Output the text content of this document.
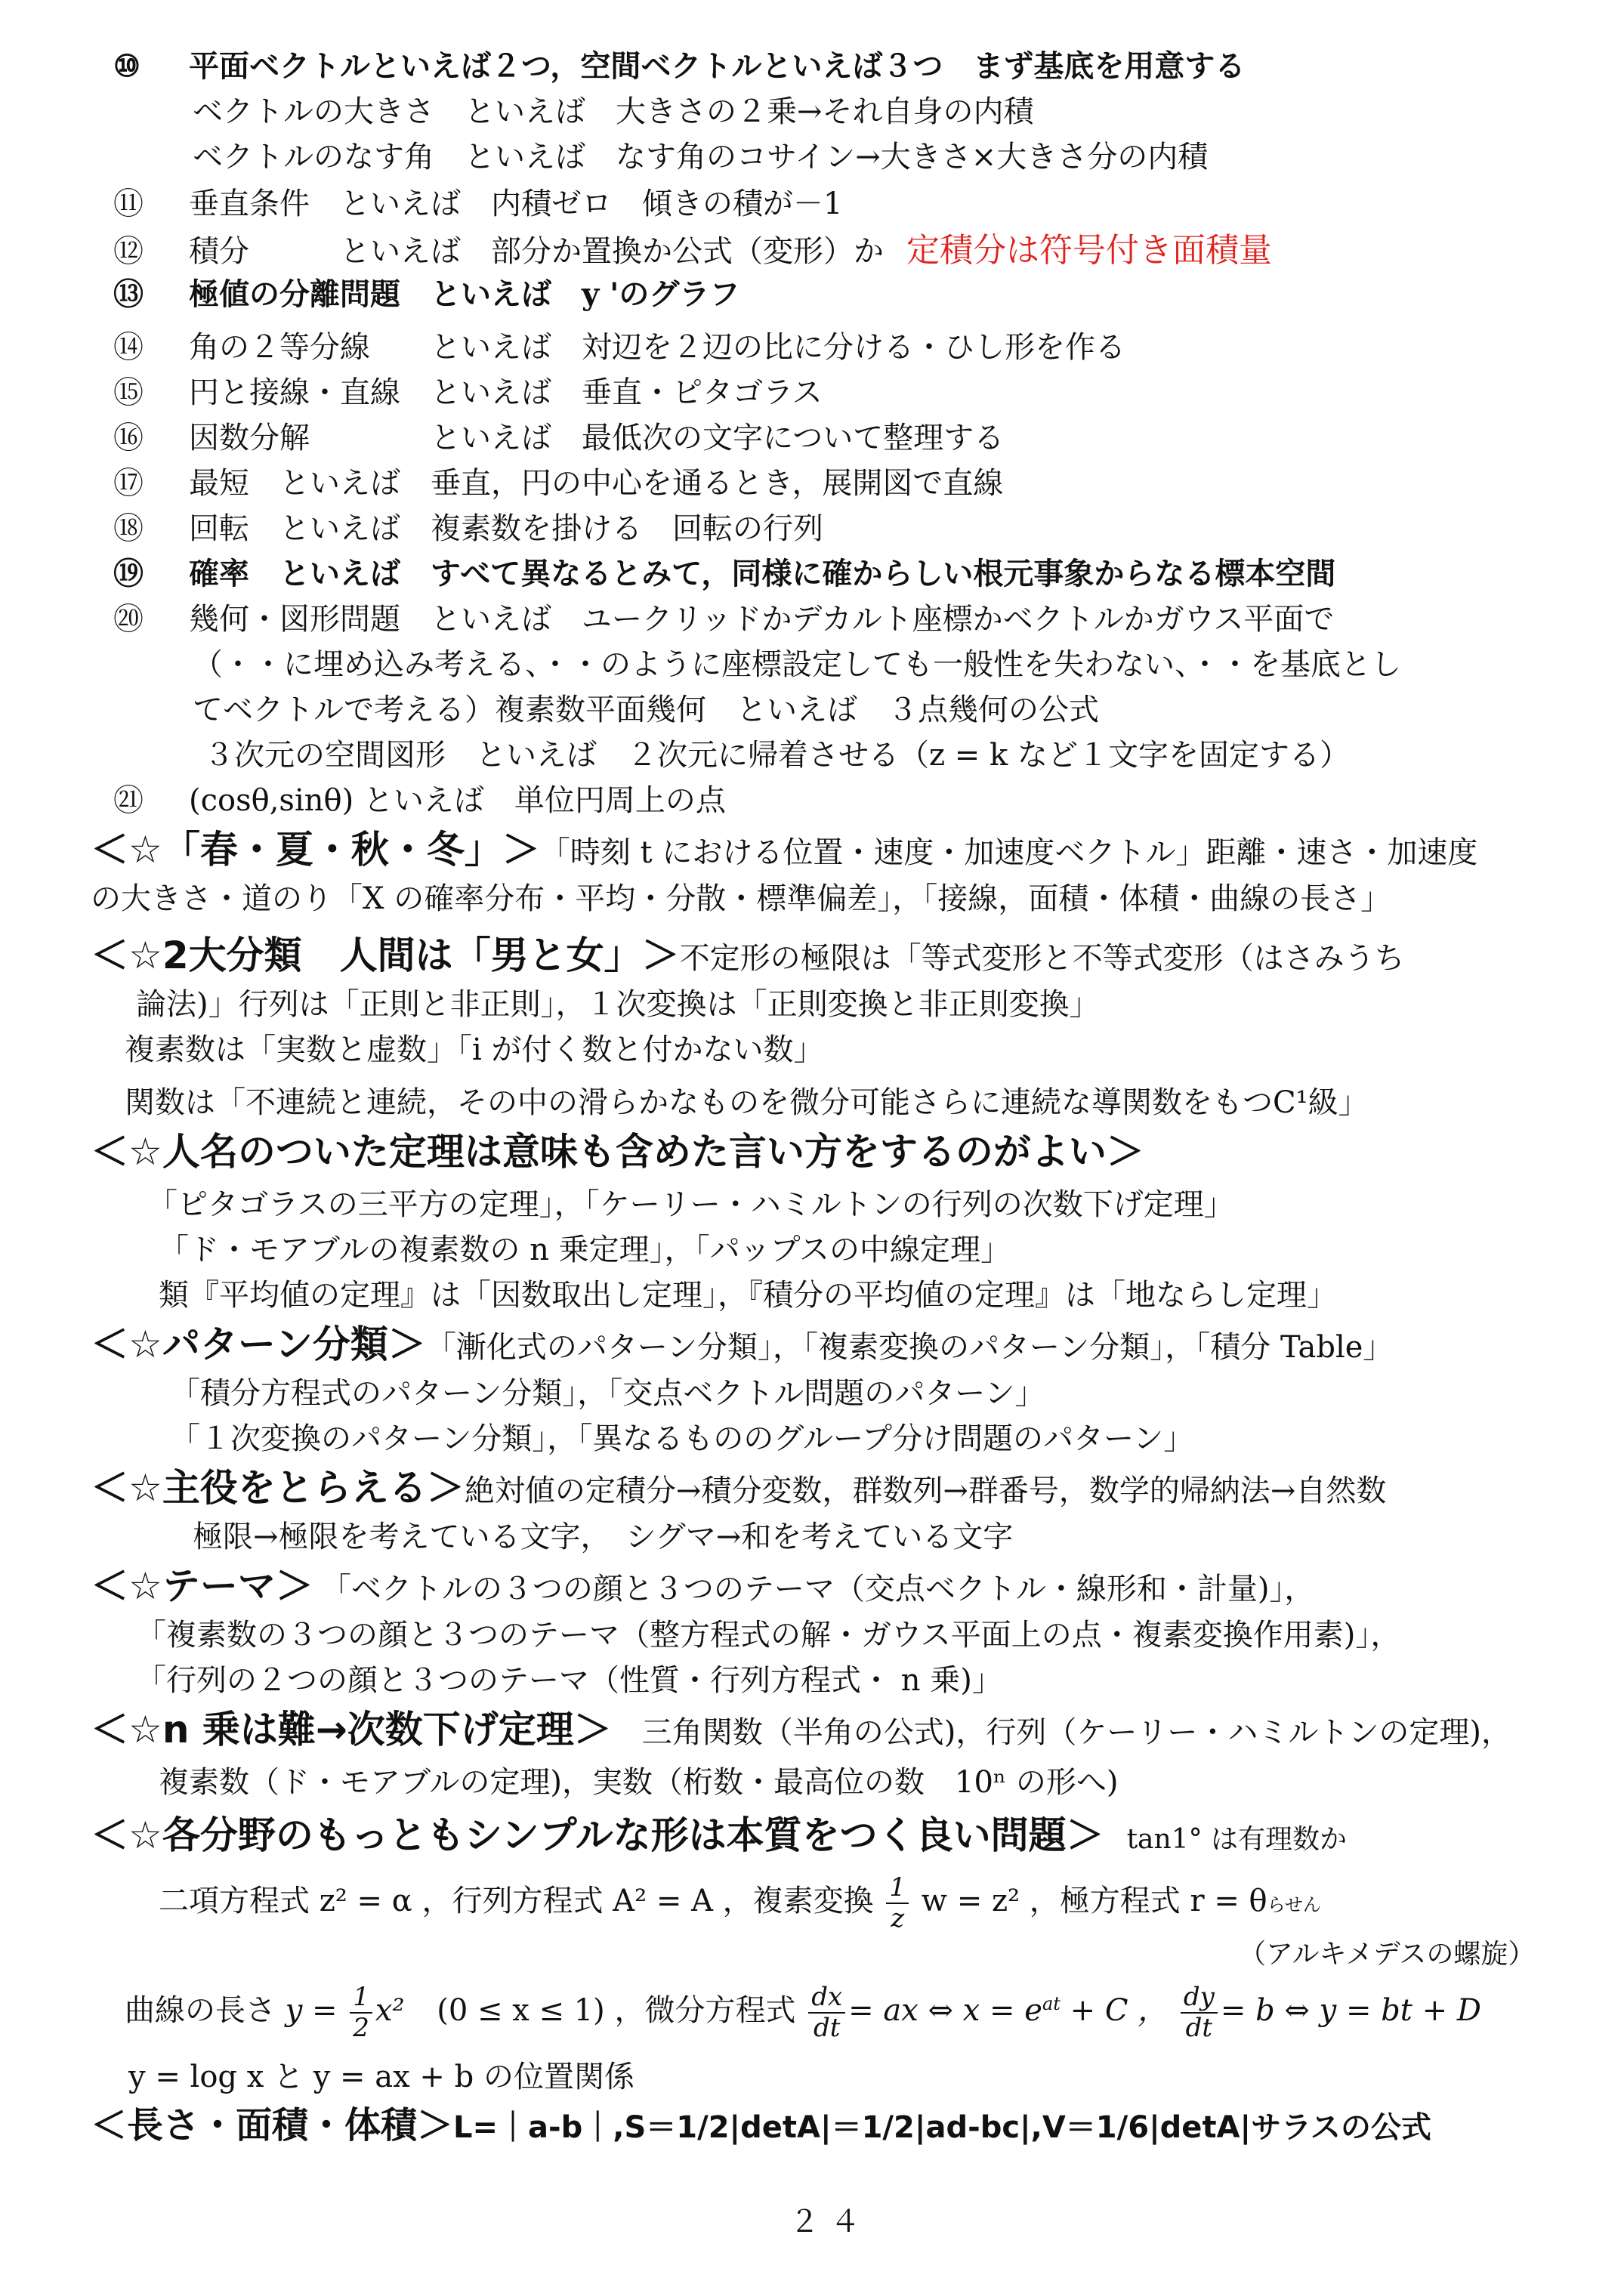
⑩ 平面ベクトルといえば２つ，空間ベクトルといえば３つ　まず基底を用意する
ベクトルの大きさ　といえば　大きさの２乗→それ自身の内積
ベクトルのなす角　といえば　なす角のコサイン→大きさ×大きさ分の内積
⑪ 垂直条件　といえば　内積ゼロ　傾きの積が－1
⑫ 積分　　　といえば　部分か置換か公式（変形）か 定積分は符号付き面積量
⑬ 極値の分離問題　といえば　y 'のグラフ
⑭ 角の２等分線　　といえば　対辺を２辺の比に分ける・ひし形を作る
⑮ 円と接線・直線　といえば　垂直・ピタゴラス
⑯ 因数分解　　　　といえば　最低次の文字について整理する
⑰ 最短　といえば　垂直，円の中心を通るとき，展開図で直線
⑱ 回転　といえば　複素数を掛ける　回転の行列
⑲ 確率　といえば　すべて異なるとみて，同様に確からしい根元事象からなる標本空間
⑳ 幾何・図形問題　といえば　ユークリッドかデカルト座標かベクトルかガウス平面で
（・・に埋め込み考える、・・のように座標設定しても一般性を失わない、・・を基底とし
てベクトルで考える）複素数平面幾何　といえば　３点幾何の公式
３次元の空間図形　といえば　２次元に帰着させる（z = k など１文字を固定する）
㉑ (cosθ,sinθ) といえば　単位円周上の点
＜☆「春・夏・秋・冬」＞「時刻 t における位置・速度・加速度ベクトル」距離・速さ・加速度
の大きさ・道のり「X の確率分布・平均・分散・標準偏差」，「接線，面積・体積・曲線の長さ」
＜☆2大分類　人間は「男と女」＞不定形の極限は「等式変形と不等式変形（はさみうち
論法)」行列は「正則と非正則」，１次変換は「正則変換と非正則変換」
複素数は「実数と虚数」「i が付く数と付かない数」
関数は「不連続と連続，その中の滑らかなものを微分可能さらに連続な導関数をもつC¹級」
＜☆人名のついた定理は意味も含めた言い方をするのがよい＞
「ピタゴラスの三平方の定理」，「ケーリー・ハミルトンの行列の次数下げ定理」
「ド・モアブルの複素数の n 乗定理」，「パップスの中線定理」
類『平均値の定理』は「因数取出し定理」，『積分の平均値の定理』は「地ならし定理」
＜☆パターン分類＞「漸化式のパターン分類」，「複素変換のパターン分類」，「積分 Table」
「積分方程式のパターン分類」，「交点ベクトル問題のパターン」
「１次変換のパターン分類」，「異なるもののグループ分け問題のパターン」
＜☆主役をとらえる＞絶対値の定積分→積分変数，群数列→群番号，数学的帰納法→自然数
極限→極限を考えている文字，　シグマ→和を考えている文字
＜☆テーマ＞ 「ベクトルの３つの顔と３つのテーマ（交点ベクトル・線形和・計量)」，
「複素数の３つの顔と３つのテーマ（整方程式の解・ガウス平面上の点・複素変換作用素)」，
「行列の２つの顔と３つのテーマ（性質・行列方程式・ n 乗)」
＜☆n 乗は難→次数下げ定理＞ 三角関数（半角の公式)，行列（ケーリー・ハミルトンの定理)，
複素数（ド・モアブルの定理)，実数（桁数・最高位の数　10ⁿ の形へ)
＜☆各分野のもっともシンプルな形は本質をつく良い問題＞ tan1° は有理数か
二項方程式 z² = α ，行列方程式 A² = A ，複素変換 $\frac{1}{z}$ w = z² ，極方程式 r = θらせん
（アルキメデスの螺旋）
曲線の長さ $y = \frac{1}{2} x^2$ (0 ≤ x ≤ 1) ，微分方程式 $\frac{dx}{dt}$ = ax ⇔ $x = e^{at} + C$ ， $\frac{dy}{dt} = b$ ⇔ y = bt + D
y = log x と y = ax + b の位置関係
＜長さ・面積・体積＞L=｜a-b｜,S＝1/2|detA|＝1/2|ad-bc|,V＝1/6|detA|サラスの公式
２４
